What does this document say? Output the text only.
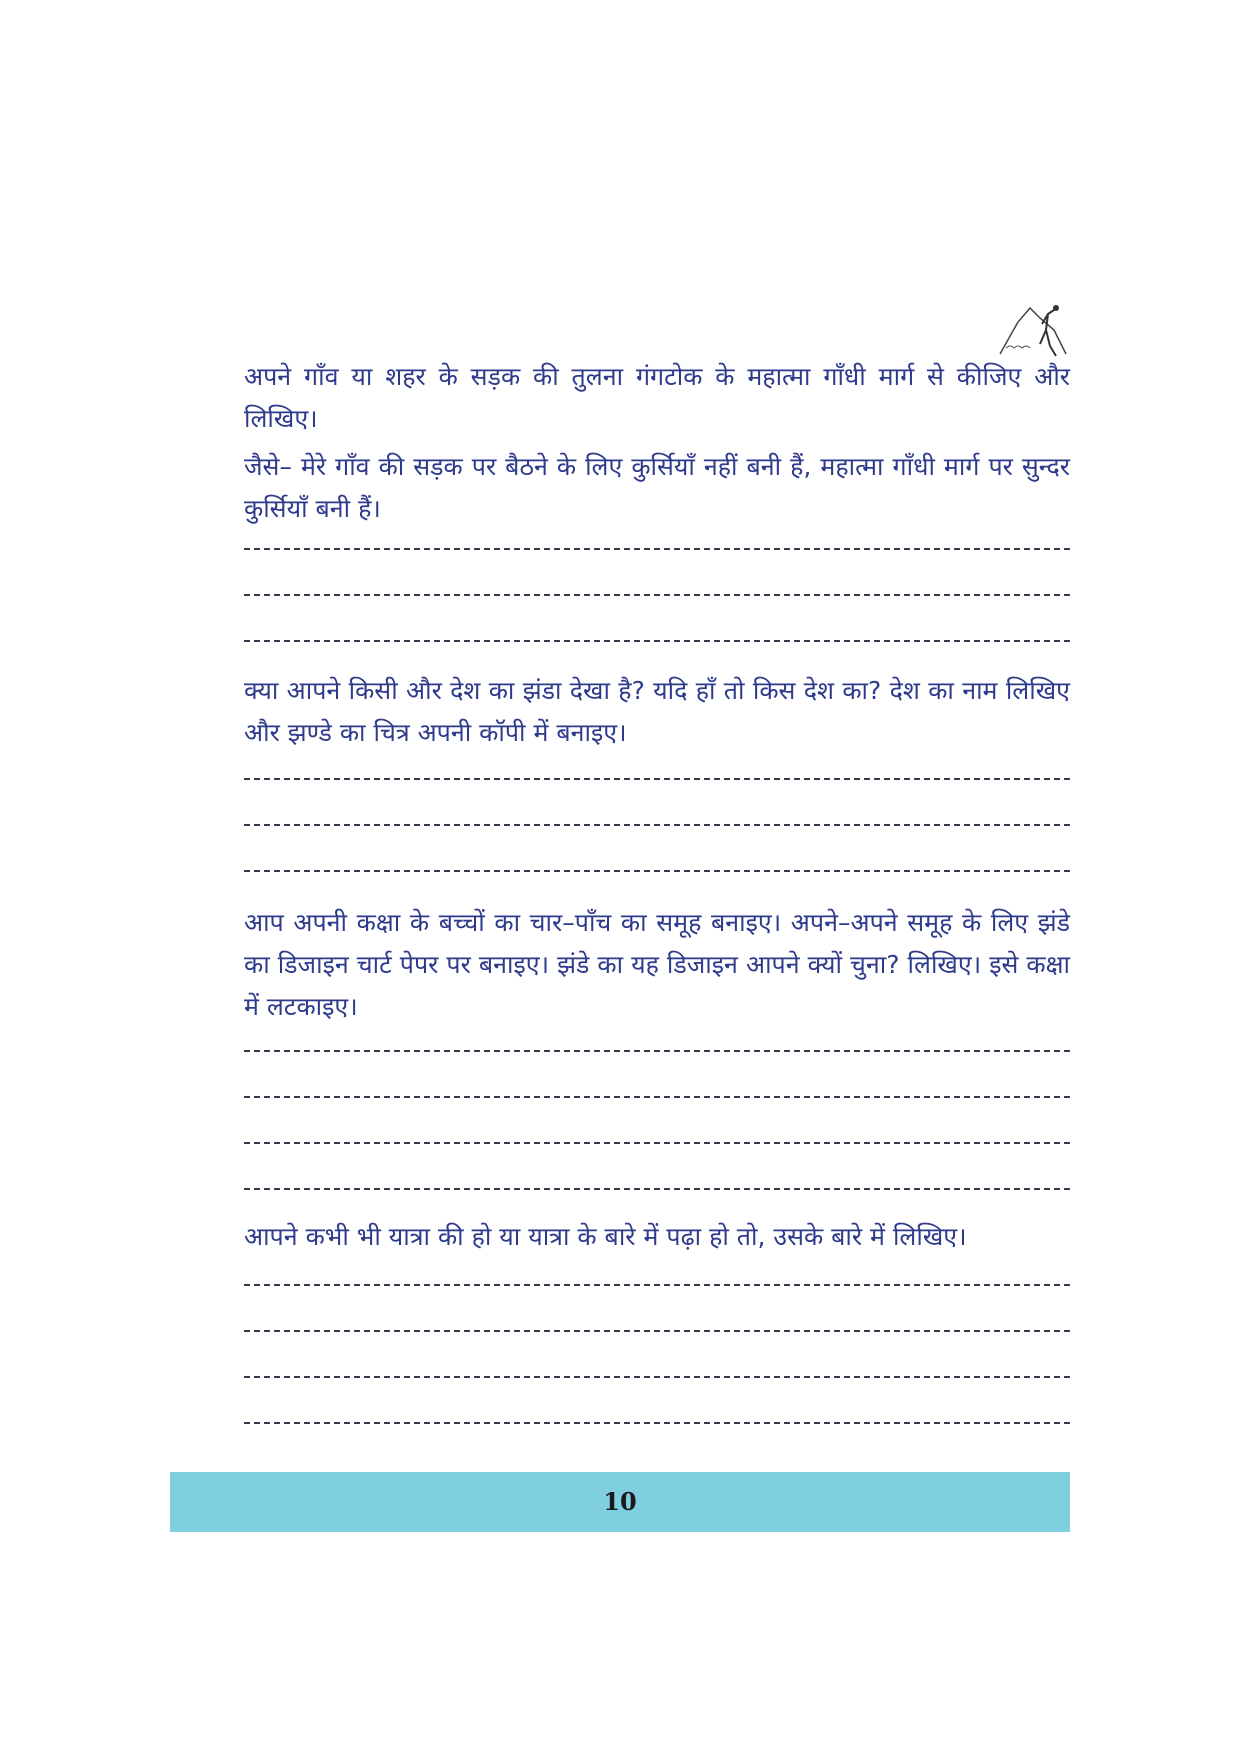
अपने गाँव या शहर के सड़क की तुलना गंगटोक के महात्मा गाँधी मार्ग से कीजिए और लिखिए।

जैसे– मेरे गाँव की सड़क पर बैठने के लिए कुर्सियाँ नहीं बनी हैं, महात्मा गाँधी मार्ग पर सुन्दर कुर्सियाँ बनी हैं।

क्या आपने किसी और देश का झंडा देखा है? यदि हाँ तो किस देश का? देश का नाम लिखिए और झण्डे का चित्र अपनी कॉपी में बनाइए।

आप अपनी कक्षा के बच्चों का चार–पाँच का समूह बनाइए। अपने–अपने समूह के लिए झंडे का डिजाइन चार्ट पेपर पर बनाइए। झंडे का यह डिजाइन आपने क्यों चुना? लिखिए। इसे कक्षा में लटकाइए।

आपने कभी भी यात्रा की हो या यात्रा के बारे में पढ़ा हो तो, उसके बारे में लिखिए।

10
